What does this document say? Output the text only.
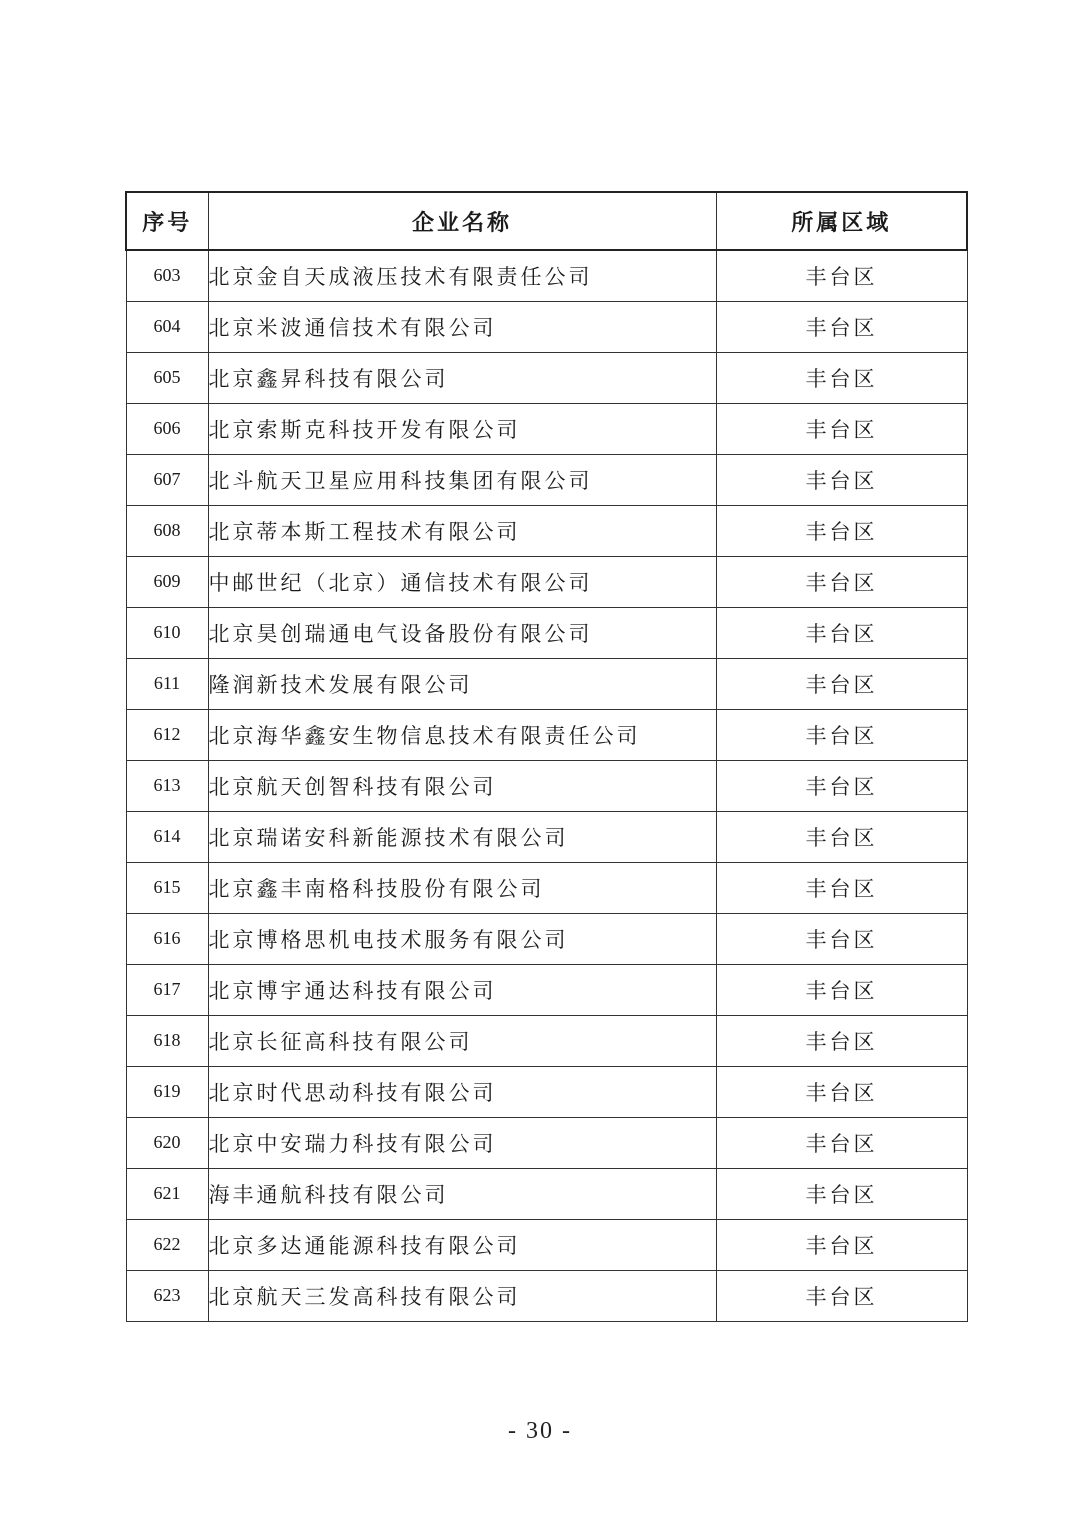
序号	企业名称	所属区域
603	北京金自天成液压技术有限责任公司	丰台区
604	北京米波通信技术有限公司	丰台区
605	北京鑫昇科技有限公司	丰台区
606	北京索斯克科技开发有限公司	丰台区
607	北斗航天卫星应用科技集团有限公司	丰台区
608	北京蒂本斯工程技术有限公司	丰台区
609	中邮世纪（北京）通信技术有限公司	丰台区
610	北京昊创瑞通电气设备股份有限公司	丰台区
611	隆润新技术发展有限公司	丰台区
612	北京海华鑫安生物信息技术有限责任公司	丰台区
613	北京航天创智科技有限公司	丰台区
614	北京瑞诺安科新能源技术有限公司	丰台区
615	北京鑫丰南格科技股份有限公司	丰台区
616	北京博格思机电技术服务有限公司	丰台区
617	北京博宇通达科技有限公司	丰台区
618	北京长征高科技有限公司	丰台区
619	北京时代思动科技有限公司	丰台区
620	北京中安瑞力科技有限公司	丰台区
621	海丰通航科技有限公司	丰台区
622	北京多达通能源科技有限公司	丰台区
623	北京航天三发高科技有限公司	丰台区
- 30 -
